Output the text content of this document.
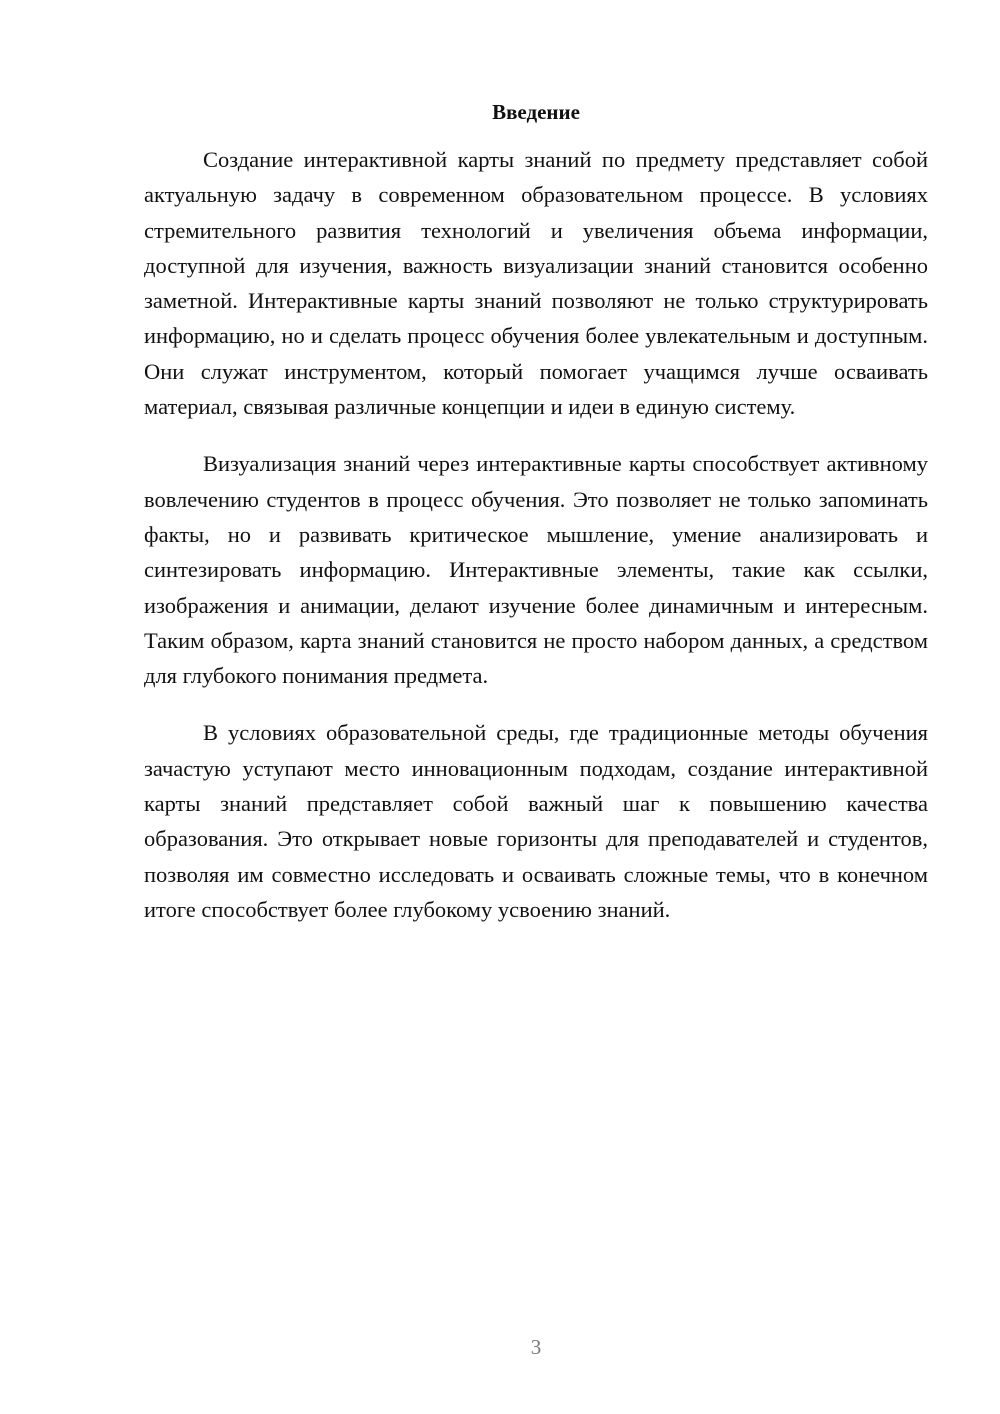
Введение

Создание интерактивной карты знаний по предмету представляет собой актуальную задачу в современном образовательном процессе. В условиях стремительного развития технологий и увеличения объема информации, доступной для изучения, важность визуализации знаний становится особенно заметной. Интерактивные карты знаний позволяют не только структурировать информацию, но и сделать процесс обучения более увлекательным и доступным. Они служат инструментом, который помогает учащимся лучше осваивать материал, связывая различные концепции и идеи в единую систему.

Визуализация знаний через интерактивные карты способствует активному вовлечению студентов в процесс обучения. Это позволяет не только запоминать факты, но и развивать критическое мышление, умение анализировать и синтезировать информацию. Интерактивные элементы, такие как ссылки, изображения и анимации, делают изучение более динамичным и интересным. Таким образом, карта знаний становится не просто набором данных, а средством для глубокого понимания предмета.

В условиях образовательной среды, где традиционные методы обучения зачастую уступают место инновационным подходам, создание интерактивной карты знаний представляет собой важный шаг к повышению качества образования. Это открывает новые горизонты для преподавателей и студентов, позволяя им совместно исследовать и осваивать сложные темы, что в конечном итоге способствует более глубокому усвоению знаний.

3
